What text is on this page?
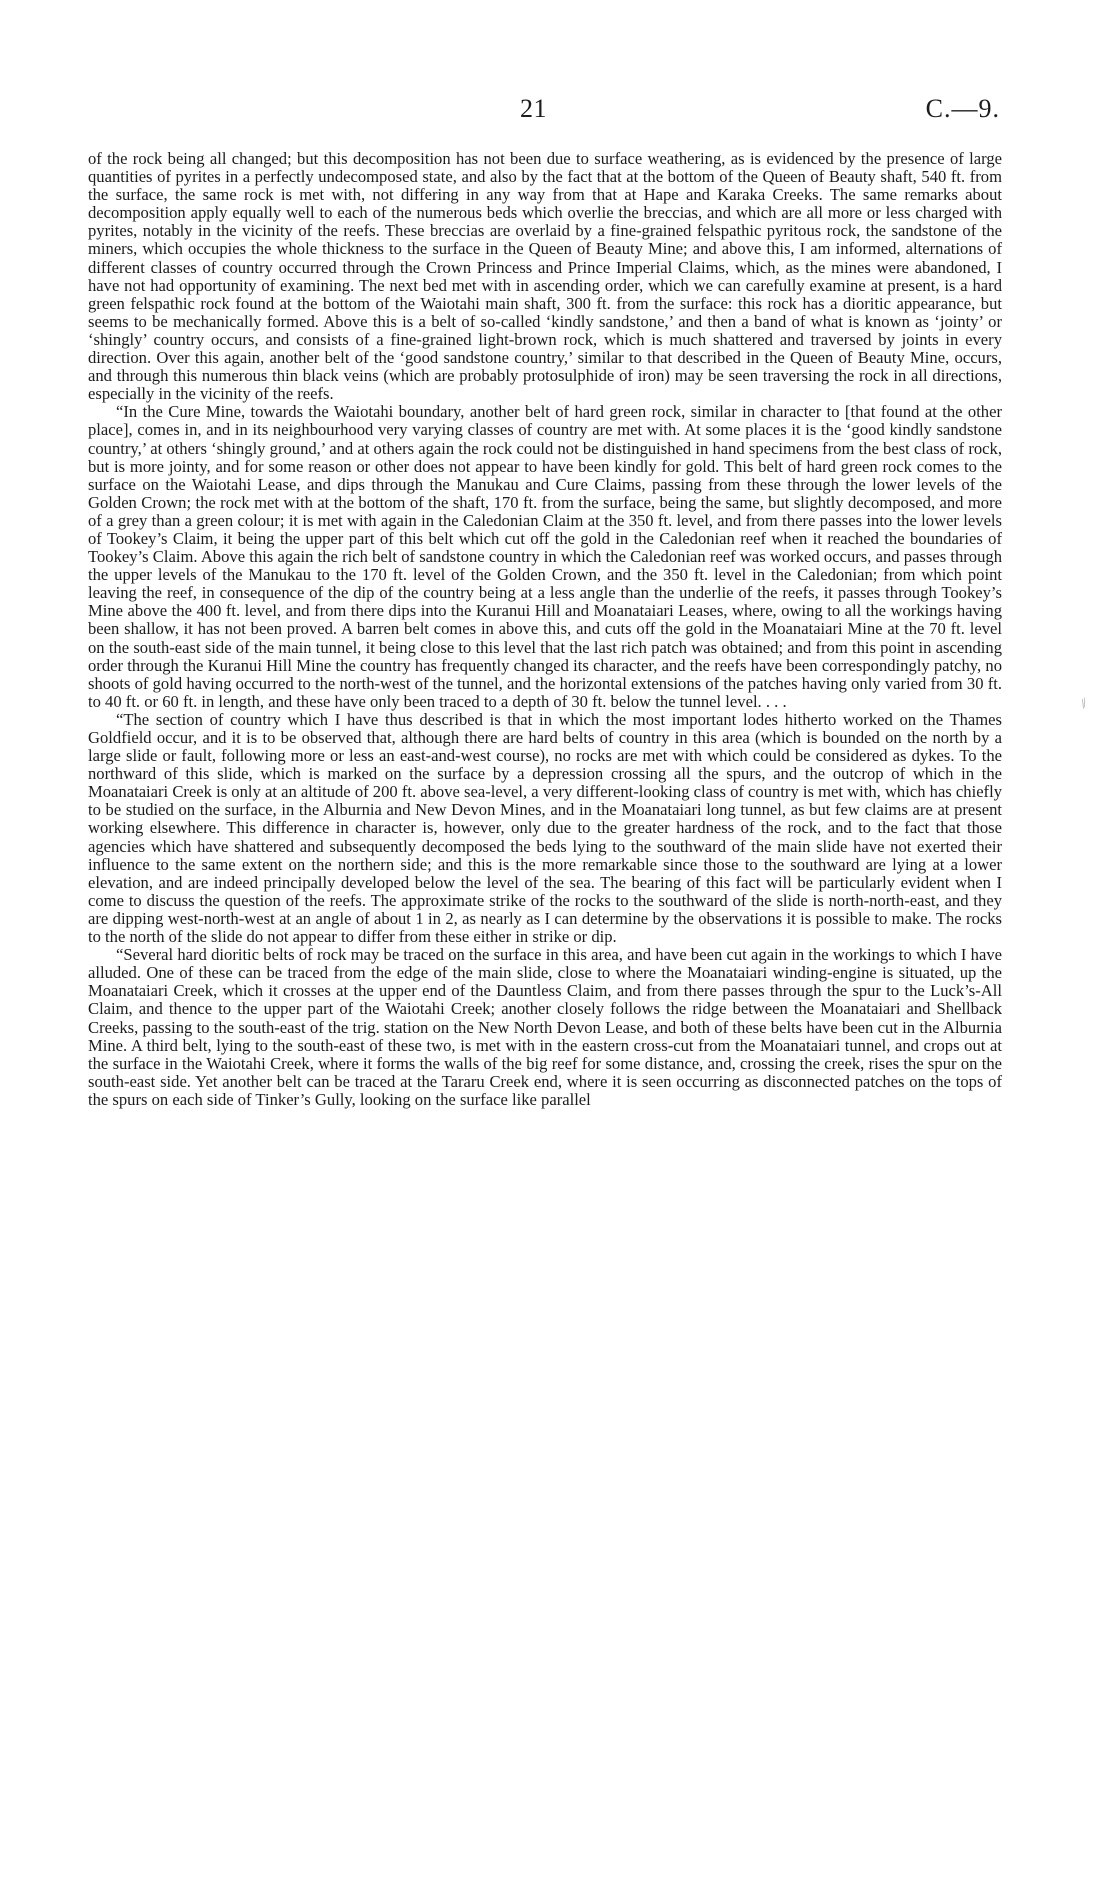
21	C.—9.

of the rock being all changed; but this decomposition has not been due to surface weathering, as is evidenced by the presence of large quantities of pyrites in a perfectly undecomposed state, and also by the fact that at the bottom of the Queen of Beauty shaft, 540 ft. from the surface, the same rock is met with, not differing in any way from that at Hape and Karaka Creeks. The same remarks about decomposition apply equally well to each of the numerous beds which overlie the breccias, and which are all more or less charged with pyrites, notably in the vicinity of the reefs. These breccias are overlaid by a fine-grained felspathic pyritous rock, the sandstone of the miners, which occupies the whole thickness to the surface in the Queen of Beauty Mine; and above this, I am informed, alternations of different classes of country occurred through the Crown Princess and Prince Imperial Claims, which, as the mines were abandoned, I have not had opportunity of examining. The next bed met with in ascending order, which we can carefully examine at present, is a hard green felspathic rock found at the bottom of the Waiotahi main shaft, 300 ft. from the surface: this rock has a dioritic appearance, but seems to be mechanically formed. Above this is a belt of so-called ‘kindly sandstone,’ and then a band of what is known as ‘jointy’ or ‘shingly’ country occurs, and consists of a fine-grained light-brown rock, which is much shattered and traversed by joints in every direction. Over this again, another belt of the ‘good sandstone country,’ similar to that described in the Queen of Beauty Mine, occurs, and through this numerous thin black veins (which are probably protosulphide of iron) may be seen traversing the rock in all directions, especially in the vicinity of the reefs.

“In the Cure Mine, towards the Waiotahi boundary, another belt of hard green rock, similar in character to [that found at the other place], comes in, and in its neighbourhood very varying classes of country are met with. At some places it is the ‘good kindly sandstone country,’ at others ‘shingly ground,’ and at others again the rock could not be distinguished in hand specimens from the best class of rock, but is more jointy, and for some reason or other does not appear to have been kindly for gold. This belt of hard green rock comes to the surface on the Waiotahi Lease, and dips through the Manukau and Cure Claims, passing from these through the lower levels of the Golden Crown; the rock met with at the bottom of the shaft, 170 ft. from the surface, being the same, but slightly decomposed, and more of a grey than a green colour; it is met with again in the Caledonian Claim at the 350 ft. level, and from there passes into the lower levels of Tookey’s Claim, it being the upper part of this belt which cut off the gold in the Caledonian reef when it reached the boundaries of Tookey’s Claim. Above this again the rich belt of sandstone country in which the Caledonian reef was worked occurs, and passes through the upper levels of the Manukau to the 170 ft. level of the Golden Crown, and the 350 ft. level in the Caledonian; from which point leaving the reef, in consequence of the dip of the country being at a less angle than the underlie of the reefs, it passes through Tookey’s Mine above the 400 ft. level, and from there dips into the Kuranui Hill and Moanataiari Leases, where, owing to all the workings having been shallow, it has not been proved. A barren belt comes in above this, and cuts off the gold in the Moanataiari Mine at the 70 ft. level on the south-east side of the main tunnel, it being close to this level that the last rich patch was obtained; and from this point in ascending order through the Kuranui Hill Mine the country has frequently changed its character, and the reefs have been correspondingly patchy, no shoots of gold having occurred to the north-west of the tunnel, and the horizontal extensions of the patches having only varied from 30 ft. to 40 ft. or 60 ft. in length, and these have only been traced to a depth of 30 ft. below the tunnel level. . . .

“The section of country which I have thus described is that in which the most important lodes hitherto worked on the Thames Goldfield occur, and it is to be observed that, although there are hard belts of country in this area (which is bounded on the north by a large slide or fault, following more or less an east-and-west course), no rocks are met with which could be considered as dykes. To the northward of this slide, which is marked on the surface by a depression crossing all the spurs, and the outcrop of which in the Moanataiari Creek is only at an altitude of 200 ft. above sea-level, a very different-looking class of country is met with, which has chiefly to be studied on the surface, in the Alburnia and New Devon Mines, and in the Moanataiari long tunnel, as but few claims are at present working elsewhere. This difference in character is, however, only due to the greater hardness of the rock, and to the fact that those agencies which have shattered and subsequently decomposed the beds lying to the southward of the main slide have not exerted their influence to the same extent on the northern side; and this is the more remarkable since those to the southward are lying at a lower elevation, and are indeed principally developed below the level of the sea. The bearing of this fact will be particularly evident when I come to discuss the question of the reefs. The approximate strike of the rocks to the southward of the slide is north-north-east, and they are dipping west-north-west at an angle of about 1 in 2, as nearly as I can determine by the observations it is possible to make. The rocks to the north of the slide do not appear to differ from these either in strike or dip.

“Several hard dioritic belts of rock may be traced on the surface in this area, and have been cut again in the workings to which I have alluded. One of these can be traced from the edge of the main slide, close to where the Moanataiari winding-engine is situated, up the Moanataiari Creek, which it crosses at the upper end of the Dauntless Claim, and from there passes through the spur to the Luck’s-All Claim, and thence to the upper part of the Waiotahi Creek; another closely follows the ridge between the Moanataiari and Shellback Creeks, passing to the south-east of the trig. station on the New North Devon Lease, and both of these belts have been cut in the Alburnia Mine. A third belt, lying to the south-east of these two, is met with in the eastern cross-cut from the Moanataiari tunnel, and crops out at the surface in the Waiotahi Creek, where it forms the walls of the big reef for some distance, and, crossing the creek, rises the spur on the south-east side. Yet another belt can be traced at the Tararu Creek end, where it is seen occurring as disconnected patches on the tops of the spurs on each side of Tinker’s Gully, looking on the surface like parallel

⁄⁄
